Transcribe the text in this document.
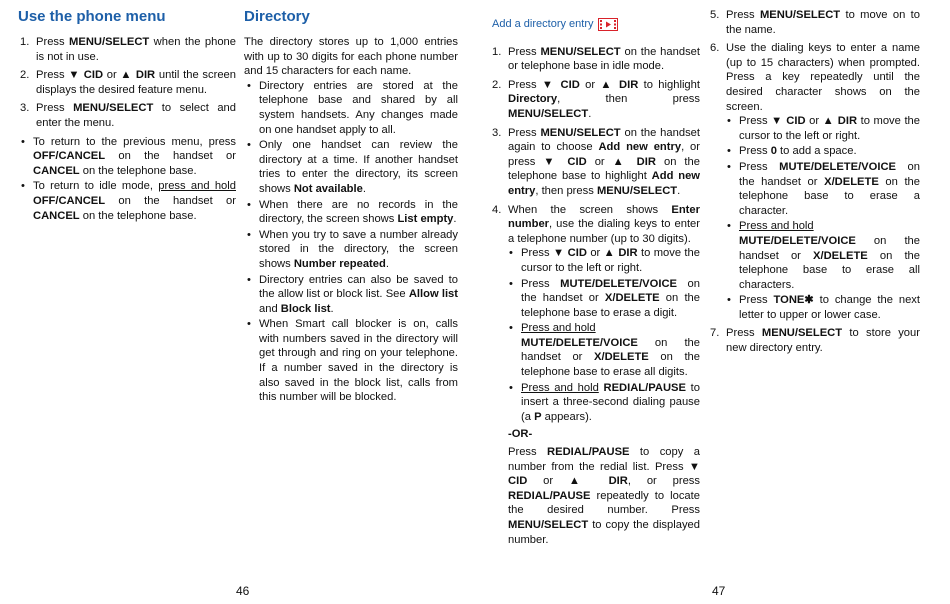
Use the phone menu
1. Press MENU/SELECT when the phone is not in use.
2. Press ▼ CID or ▲ DIR until the screen displays the desired feature menu.
3. Press MENU/SELECT to select and enter the menu.
• To return to the previous menu, press OFF/CANCEL on the handset or CANCEL on the telephone base.
• To return to idle mode, press and hold OFF/CANCEL on the handset or CANCEL on the telephone base.
Directory
The directory stores up to 1,000 entries with up to 30 digits for each phone number and 15 characters for each name.
• Directory entries are stored at the telephone base and shared by all system handsets. Any changes made on one handset apply to all.
• Only one handset can review the directory at a time. If another handset tries to enter the directory, its screen shows Not available.
• When there are no records in the directory, the screen shows List empty.
• When you try to save a number already stored in the directory, the screen shows Number repeated.
• Directory entries can also be saved to the allow list or block list. See Allow list and Block list.
• When Smart call blocker is on, calls with numbers saved in the directory will get through and ring on your telephone. If a number saved in the directory is also saved in the block list, calls from this number will be blocked.
Add a directory entry
1. Press MENU/SELECT on the handset or telephone base in idle mode.
2. Press ▼ CID or ▲ DIR to highlight Directory, then press MENU/SELECT.
3. Press MENU/SELECT on the handset again to choose Add new entry, or press ▼ CID or ▲ DIR on the telephone base to highlight Add new entry, then press MENU/SELECT.
4. When the screen shows Enter number, use the dialing keys to enter a telephone number (up to 30 digits).
• Press ▼ CID or ▲ DIR to move the cursor to the left or right.
• Press MUTE/DELETE/VOICE on the handset or X/DELETE on the telephone base to erase a digit.
• Press and hold
MUTE/DELETE/VOICE on the handset or X/DELETE on the telephone base to erase all digits.
• Press and hold REDIAL/PAUSE to insert a three-second dialing pause (a P appears).
-OR-
Press REDIAL/PAUSE to copy a number from the redial list. Press ▼ CID or ▲ DIR, or press REDIAL/PAUSE repeatedly to locate the desired number. Press MENU/SELECT to copy the displayed number.
5. Press MENU/SELECT to move on to the name.
6. Use the dialing keys to enter a name (up to 15 characters) when prompted. Press a key repeatedly until the desired character shows on the screen.
• Press ▼ CID or ▲ DIR to move the cursor to the left or right.
• Press 0 to add a space.
• Press MUTE/DELETE/VOICE on the handset or X/DELETE on the telephone base to erase a character.
• Press and hold
MUTE/DELETE/VOICE on the handset or X/DELETE on the telephone base to erase all characters.
• Press TONE✱ to change the next letter to upper or lower case.
7. Press MENU/SELECT to store your new directory entry.
46	47
